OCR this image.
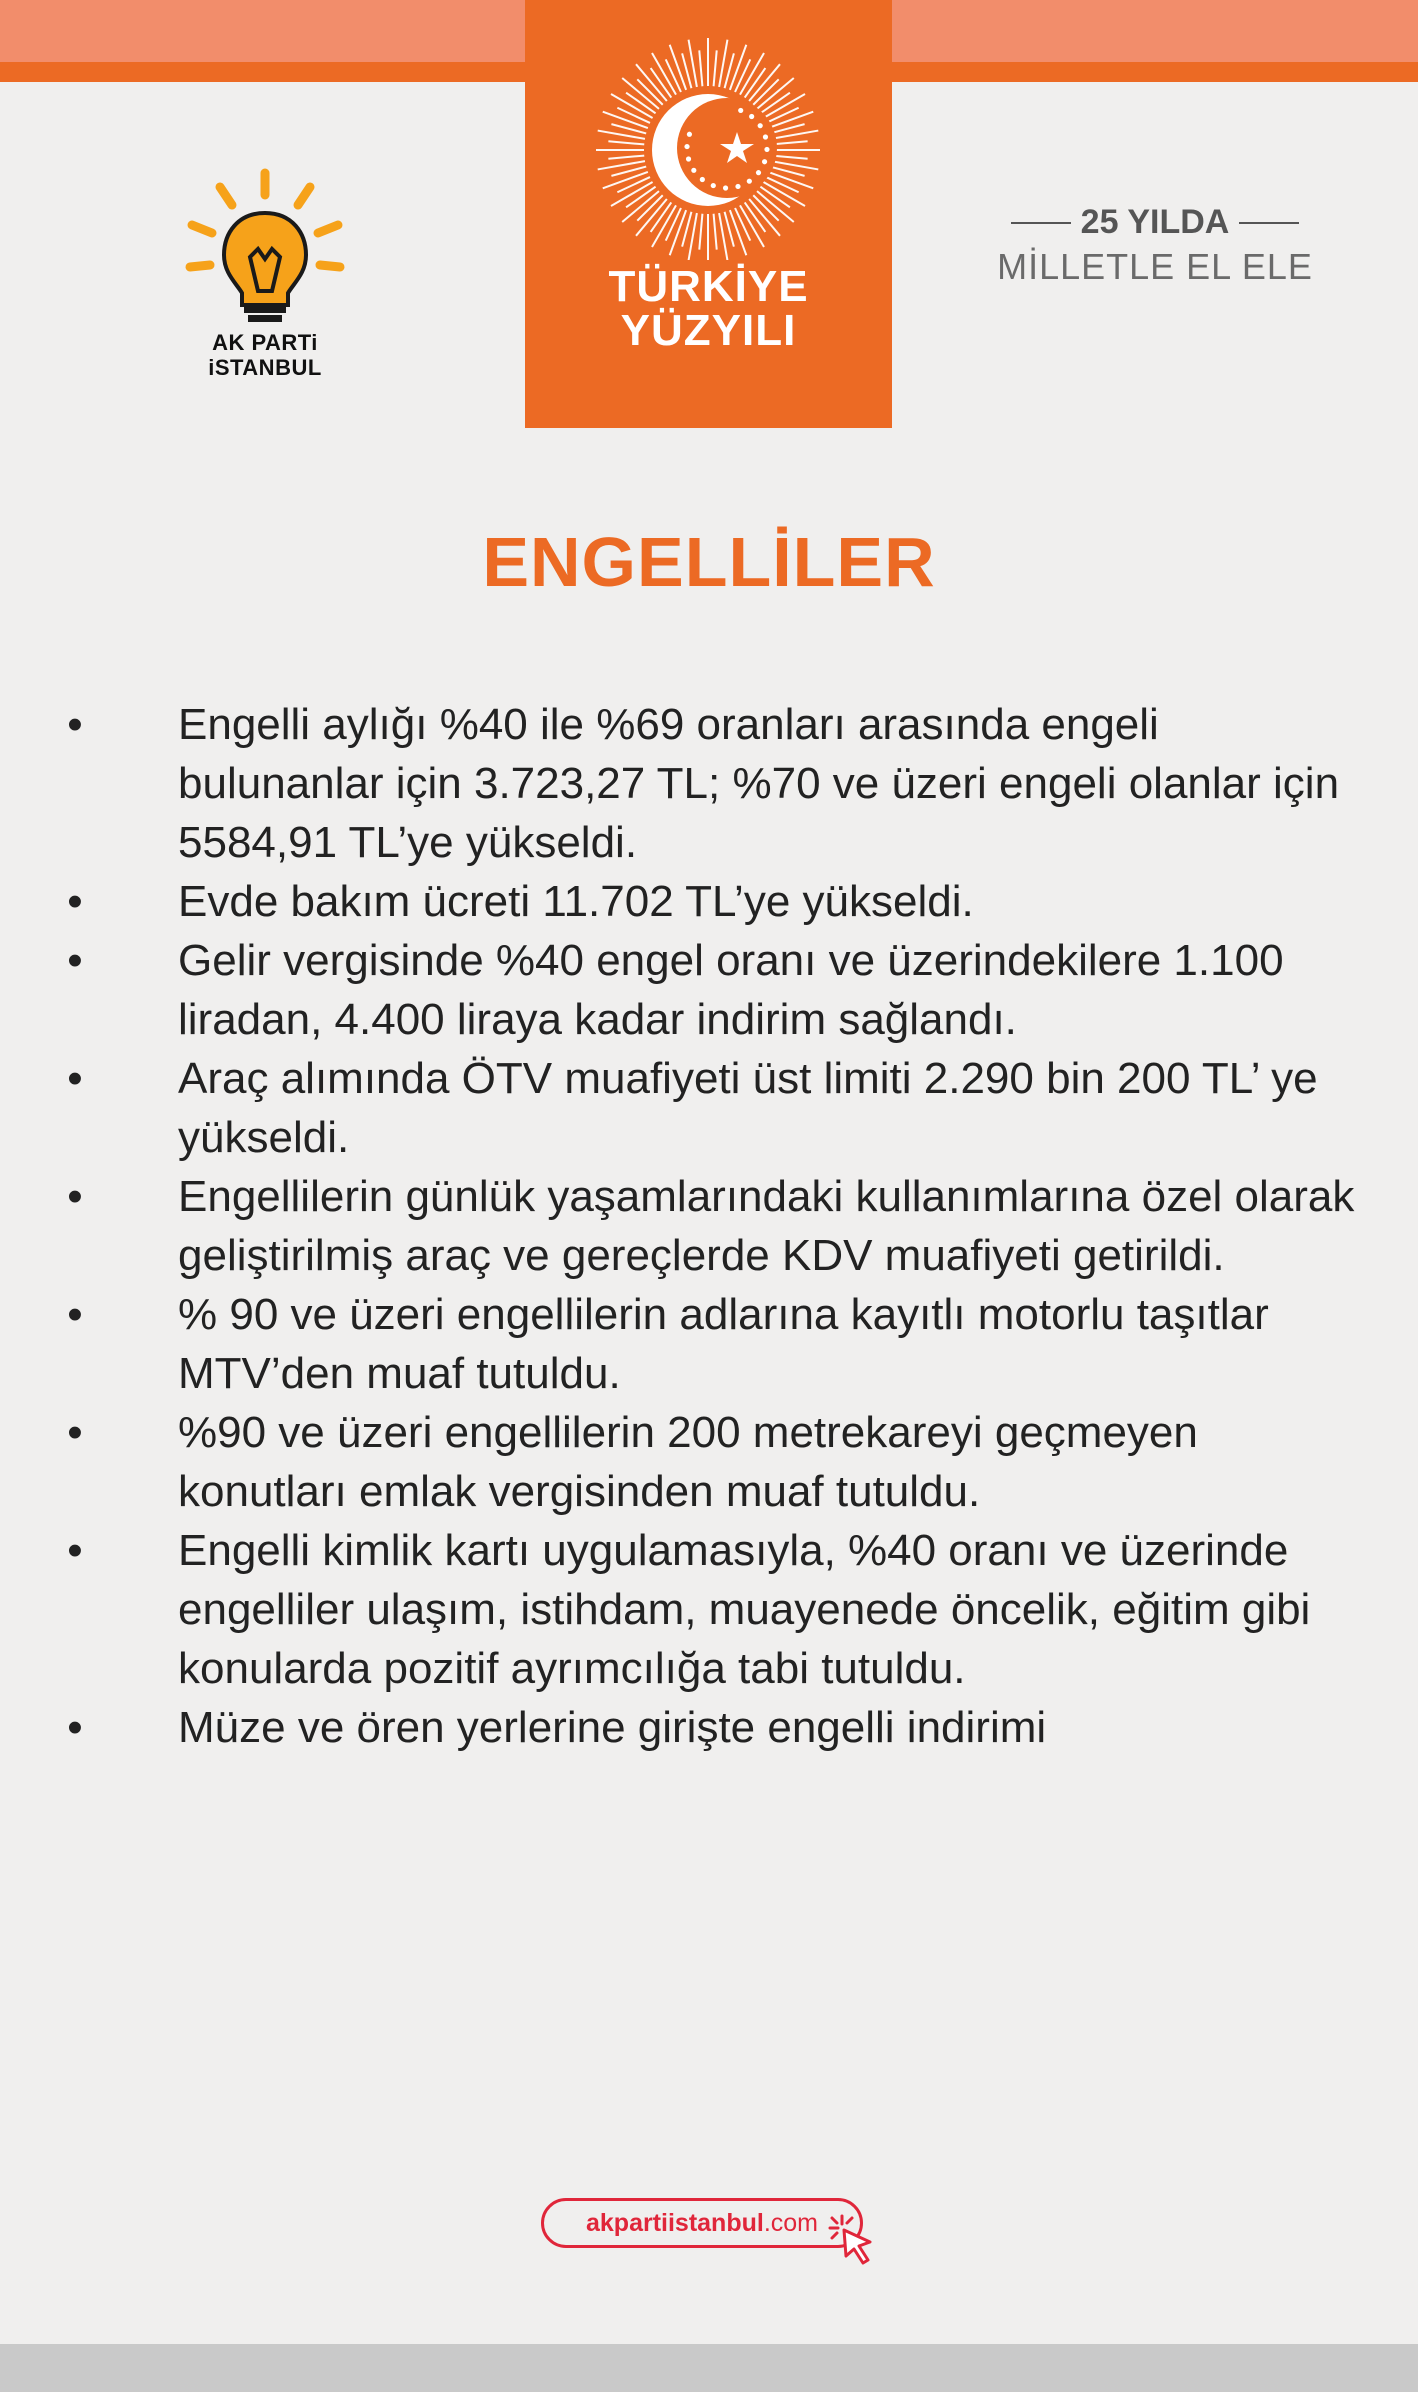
AK PARTi
iSTANBUL
TÜRKİYE
YÜZYILI
25 YILDA
MİLLETLE EL ELE
ENGELLİLER
• Engelli aylığı %40 ile %69 oranları arasında engeli bulunanlar için 3.723,27 TL; %70 ve üzeri engeli olanlar için 5584,91 TL’ye yükseldi.
• Evde bakım ücreti 11.702 TL’ye yükseldi.
• Gelir vergisinde %40 engel oranı ve üzerindekilere 1.100 liradan, 4.400 liraya kadar indirim sağlandı.
• Araç alımında ÖTV muafiyeti üst limiti 2.290 bin 200 TL’ ye yükseldi.
• Engellilerin günlük yaşamlarındaki kullanımlarına özel olarak geliştirilmiş araç ve gereçlerde KDV muafiyeti getirildi.
• % 90 ve üzeri engellilerin adlarına kayıtlı motorlu taşıtlar MTV’den muaf tutuldu.
• %90 ve üzeri engellilerin 200 metrekareyi geçmeyen konutları emlak vergisinden muaf tutuldu.
• Engelli kimlik kartı uygulamasıyla, %40 oranı ve üzerinde engelliler ulaşım, istihdam, muayenede öncelik, eğitim gibi konularda pozitif ayrımcılığa tabi tutuldu.
• Müze ve ören yerlerine girişte engelli indirimi
akpartiistanbul .com
